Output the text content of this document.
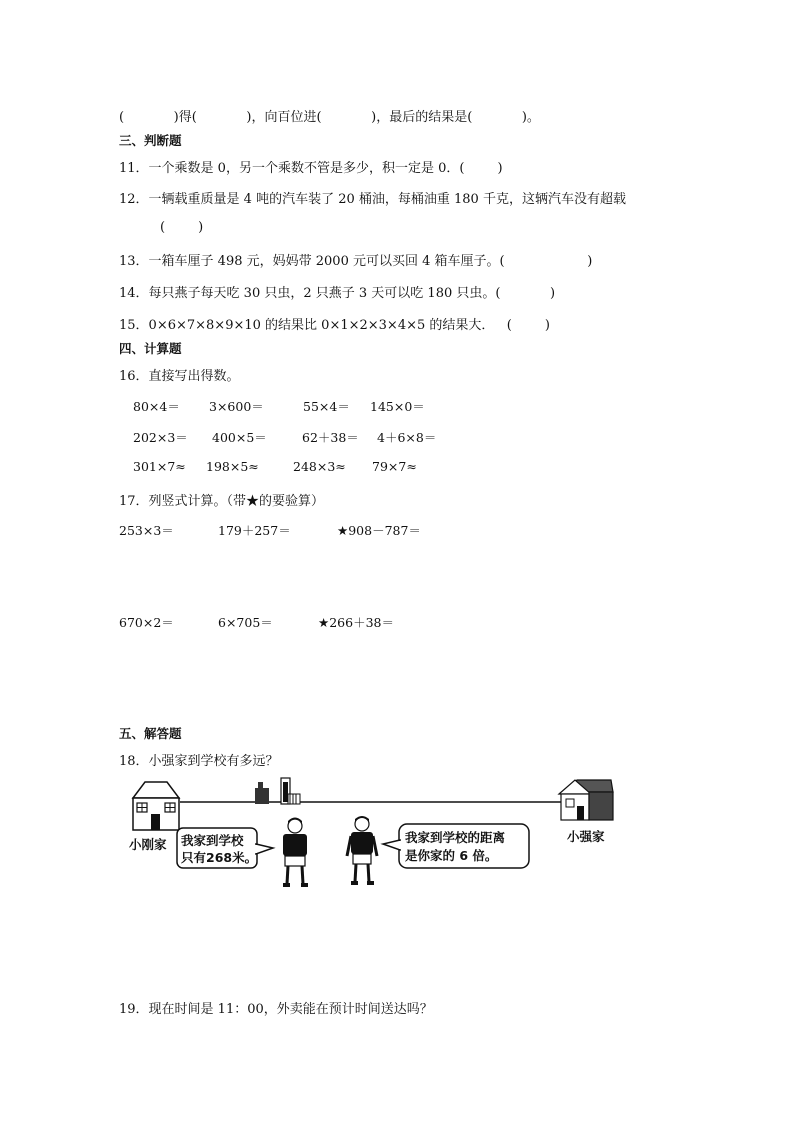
(            )得(            )，向百位进(            )，最后的结果是(            )。
三、判断题
11．一个乘数是 0，另一个乘数不管是多少，积一定是 0．(        )
12．一辆载重质量是 4 吨的汽车装了 20 桶油，每桶油重 180 千克，这辆汽车没有超载
(        )
13．一箱车厘子 498 元，妈妈带 2000 元可以买回 4 箱车厘子。(                    )
14．每只燕子每天吃 30 只虫，2 只燕子 3 天可以吃 180 只虫。(            )
15．0×6×7×8×9×10 的结果比 0×1×2×3×4×5 的结果大．   (        )
四、计算题
16．直接写出得数。
80×4＝ 3×600＝	55×4＝ 145×0＝
202×3＝ 400×5＝	62＋38＝ 4＋6×8＝
301×7≈ 198×5≈	248×3≈ 79×7≈
17．列竖式计算。（带★的要验算）
253×3＝	179＋257＝	★908－787＝
670×2＝	6×705＝	★266＋38＝
五、解答题
18．小强家到学校有多远？
小刚家
小强家
我家到学校
只有268米。
我家到学校的距离
是你家的 6 倍。
19．现在时间是 11：00，外卖能在预计时间送达吗？
